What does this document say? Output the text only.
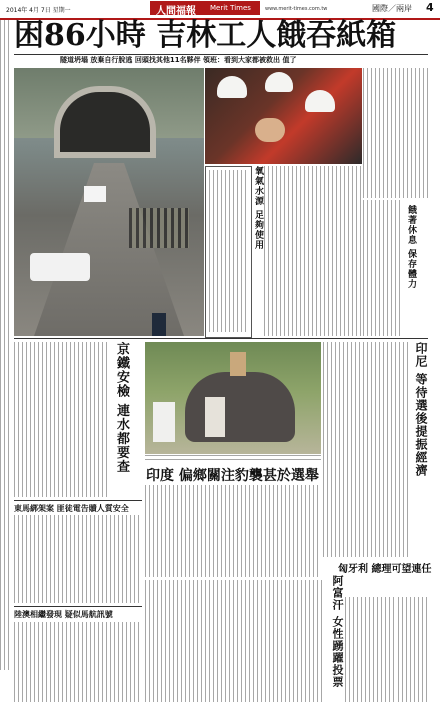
2014年 4月 7日 星期一	人間福報 Merit Times	www.merit-times.com.tw	國際／兩岸 4
困86小時 吉林工人餓吞紙箱
隧道坍塌 放棄自行脫逃 回頭找其他11名夥伴 領班：看到大家都被救出 值了
氧氣水源 足夠使用	餓著休息 保存體力
京鐵安檢 連水都要查
印度 偏鄉關注豹襲甚於選舉	印尼 等待選後提振經濟
東馬綁架案 匪徒電告贖人質安全
陸澳相繼發現 疑似馬航訊號	阿富汗 女性踴躍投票
匈牙利 總理可望連任
